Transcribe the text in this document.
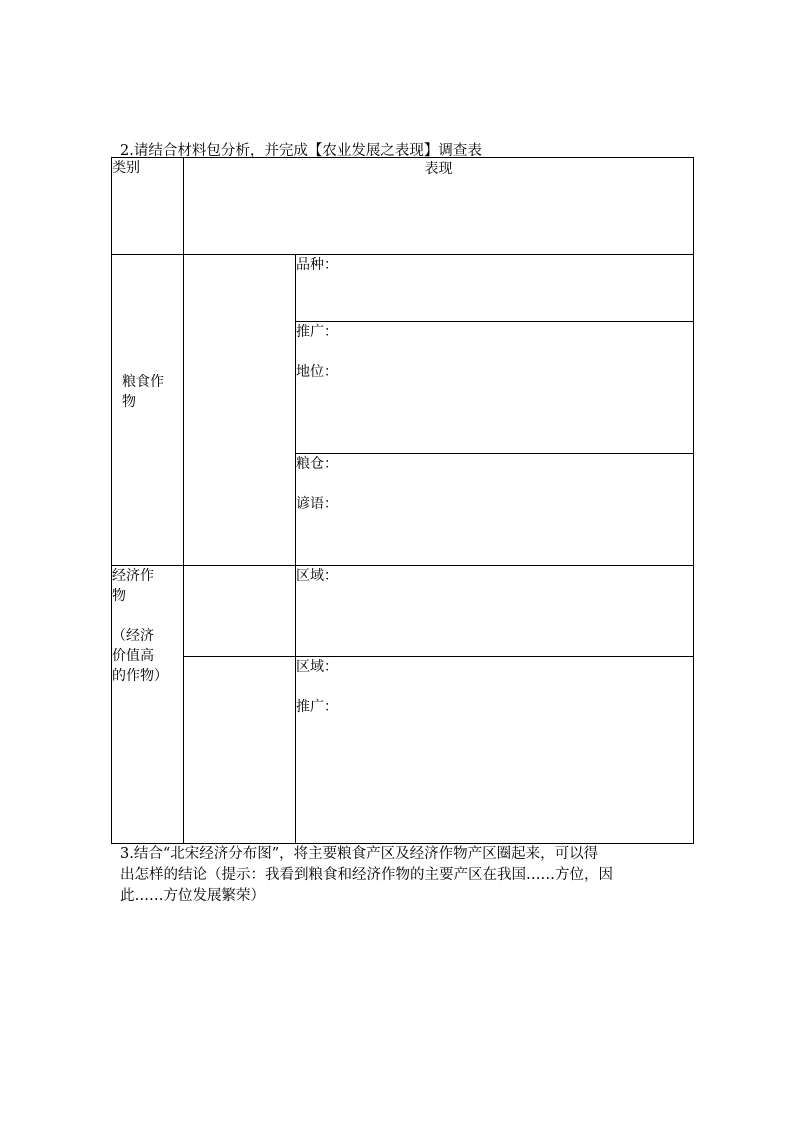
2.请结合材料包分析，并完成【农业发展之表现】调查表
类别	表现	

粮食作
物		品种：

		推广：
地位：

		粮仓：
谚语：

经济作
物
（经济
价值高
的作物）		区域：

		区域：
推广：
3.结合“北宋经济分布图”，将主要粮食产区及经济作物产区圈起来，可以得
出怎样的结论（提示：我看到粮食和经济作物的主要产区在我国……方位，因
此……方位发展繁荣）
